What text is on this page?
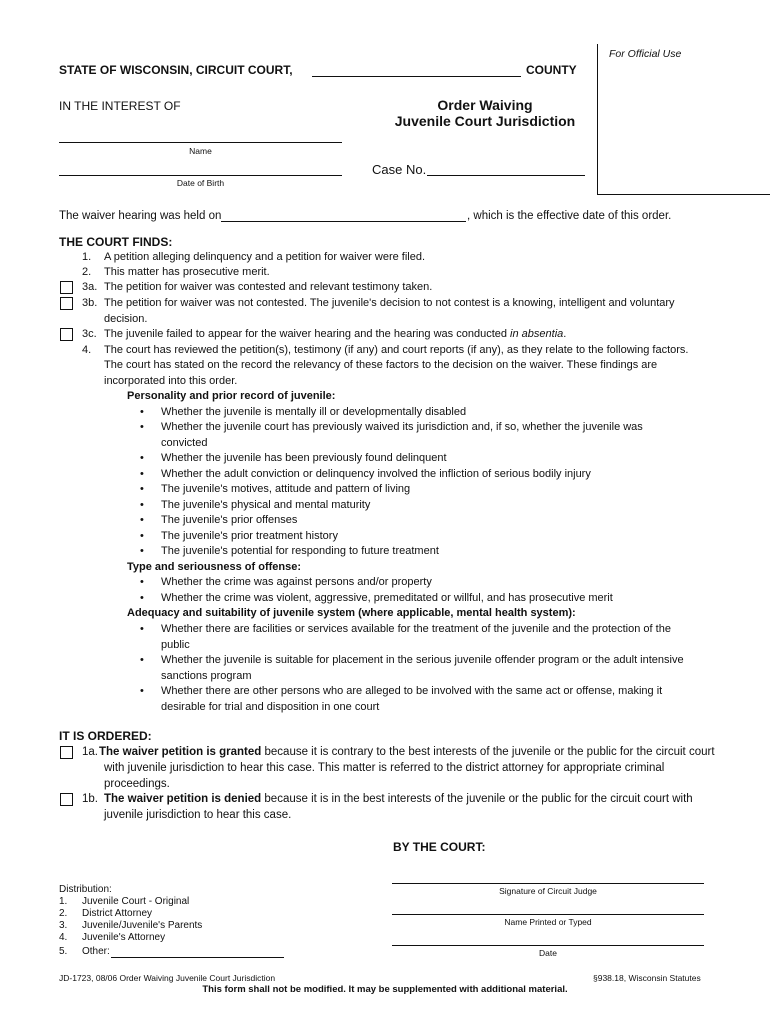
For Official Use
STATE OF WISCONSIN, CIRCUIT COURT,	COUNTY
IN THE INTEREST OF	Order Waiving
Juvenile Court Jurisdiction
Name
Date of Birth
Case No.
The waiver hearing was held on	, which is the effective date of this order.
THE COURT FINDS:
1. A petition alleging delinquency and a petition for waiver were filed.
2. This matter has prosecutive merit.
3a. The petition for waiver was contested and relevant testimony taken.
3b. The petition for waiver was not contested. The juvenile's decision to not contest is a knowing, intelligent and voluntary
decision.
3c. The juvenile failed to appear for the waiver hearing and the hearing was conducted in absentia.
4. The court has reviewed the petition(s), testimony (if any) and court reports (if any), as they relate to the following factors.
The court has stated on the record the relevancy of these factors to the decision on the waiver. These findings are
incorporated into this order.
Personality and prior record of juvenile:
• Whether the juvenile is mentally ill or developmentally disabled
• Whether the juvenile court has previously waived its jurisdiction and, if so, whether the juvenile was
convicted
• Whether the juvenile has been previously found delinquent
• Whether the adult conviction or delinquency involved the infliction of serious bodily injury
• The juvenile's motives, attitude and pattern of living
• The juvenile's physical and mental maturity
• The juvenile's prior offenses
• The juvenile's prior treatment history
• The juvenile's potential for responding to future treatment
Type and seriousness of offense:
• Whether the crime was against persons and/or property
• Whether the crime was violent, aggressive, premeditated or willful, and has prosecutive merit
Adequacy and suitability of juvenile system (where applicable, mental health system):
• Whether there are facilities or services available for the treatment of the juvenile and the protection of the
public
• Whether the juvenile is suitable for placement in the serious juvenile offender program or the adult intensive
sanctions program
• Whether there are other persons who are alleged to be involved with the same act or offense, making it
desirable for trial and disposition in one court
IT IS ORDERED:
1a. The waiver petition is granted because it is contrary to the best interests of the juvenile or the public for the circuit court
with juvenile jurisdiction to hear this case. This matter is referred to the district attorney for appropriate criminal
proceedings.
1b. The waiver petition is denied because it is in the best interests of the juvenile or the public for the circuit court with
juvenile jurisdiction to hear this case.
BY THE COURT:
Signature of Circuit Judge
Name Printed or Typed
Date
Distribution:
1. Juvenile Court - Original
2. District Attorney
3. Juvenile/Juvenile's Parents
4. Juvenile's Attorney
5. Other:
JD-1723, 08/06 Order Waiving Juvenile Court Jurisdiction	§938.18, Wisconsin Statutes
This form shall not be modified. It may be supplemented with additional material.
